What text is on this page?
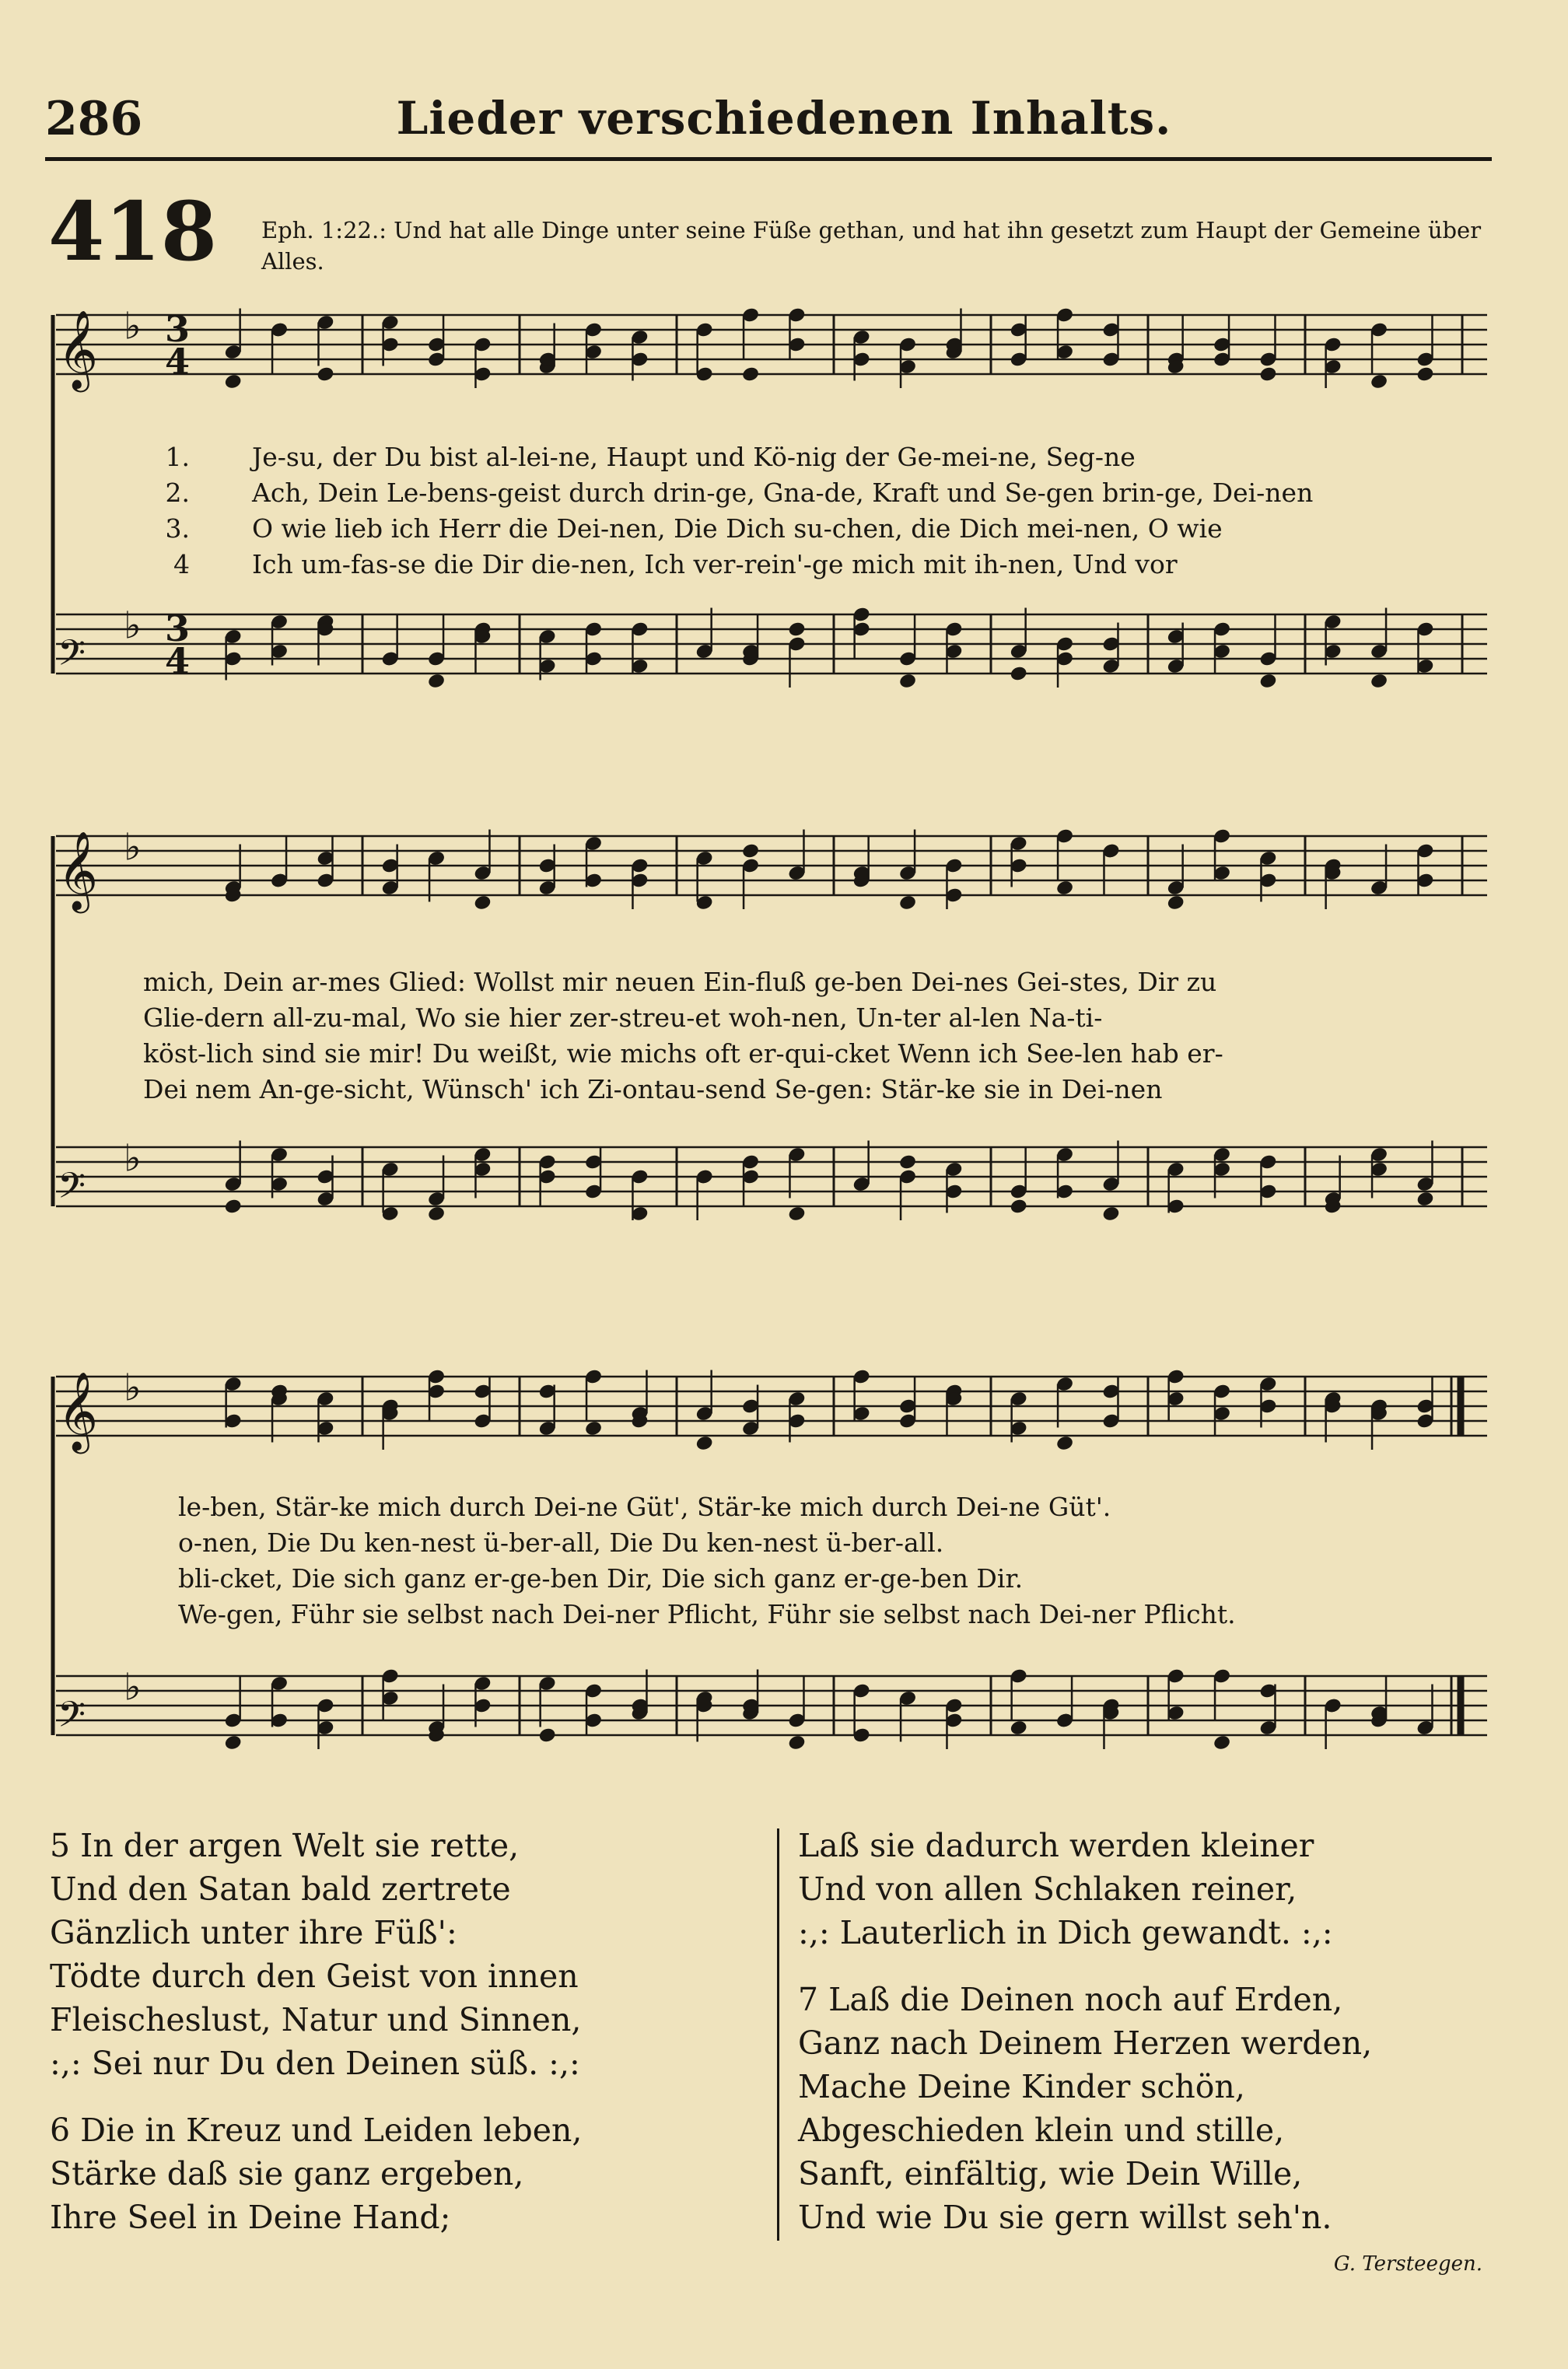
286	Lieder verschiedenen Inhalts.
418 Eph. 1:22.: Und hat alle Dinge unter seine Füße gethan, und hat ihn gesetzt zum Haupt der Gemeine über Alles.
𝄞 ♭
𝄢
♭
3
4
3
4
1. Je-su, der Du bist al-lei-ne, Haupt und Kö-nig der Ge-mei-ne, Seg-ne
2. Ach, Dein Le-bens-geist durch drin-ge, Gna-de, Kraft und Se-gen brin-ge, Dei-nen
3. O wie lieb ich Herr die Dei-nen, Die Dich su-chen, die Dich mei-nen, O wie
4 Ich um-fas-se die Dir die-nen, Ich ver-rein'-ge mich mit ih-nen, Und vor
𝄞 ♭
𝄢
♭
mich, Dein ar-mes Glied: Wollst mir neuen Ein-fluß ge-ben Dei-nes Gei-stes, Dir zu
Glie-dern all-zu-mal, Wo sie hier zer-streu-et woh-nen, Un-ter al-len Na-ti-
köst-lich sind sie mir! Du weißt, wie michs oft er-qui-cket Wenn ich See-len hab er-
Dei nem An-ge-sicht, Wünsch' ich Zi-ontau-send Se-gen: Stär-ke sie in Dei-nen
𝄞 ♭
𝄢
♭
le-ben, Stär-ke mich durch Dei-ne Güt', Stär-ke mich durch Dei-ne Güt'.
o-nen, Die Du ken-nest ü-ber-all, Die Du ken-nest ü-ber-all.
bli-cket, Die sich ganz er-ge-ben Dir, Die sich ganz er-ge-ben Dir.
We-gen, Führ sie selbst nach Dei-ner Pflicht, Führ sie selbst nach Dei-ner Pflicht.
5 In der argen Welt sie rette,
Und den Satan bald zertrete
Gänzlich unter ihre Füß':
Tödte durch den Geist von innen
Fleischeslust, Natur und Sinnen,
:,: Sei nur Du den Deinen süß. :,:
6 Die in Kreuz und Leiden leben,
Stärke daß sie ganz ergeben,
Ihre Seel in Deine Hand;
Laß sie dadurch werden kleiner
Und von allen Schlaken reiner,
:,: Lauterlich in Dich gewandt. :,:
7 Laß die Deinen noch auf Erden,
Ganz nach Deinem Herzen werden,
Mache Deine Kinder schön,
Abgeschieden klein und stille,
Sanft, einfältig, wie Dein Wille,
Und wie Du sie gern willst seh'n.
G. Tersteegen.
